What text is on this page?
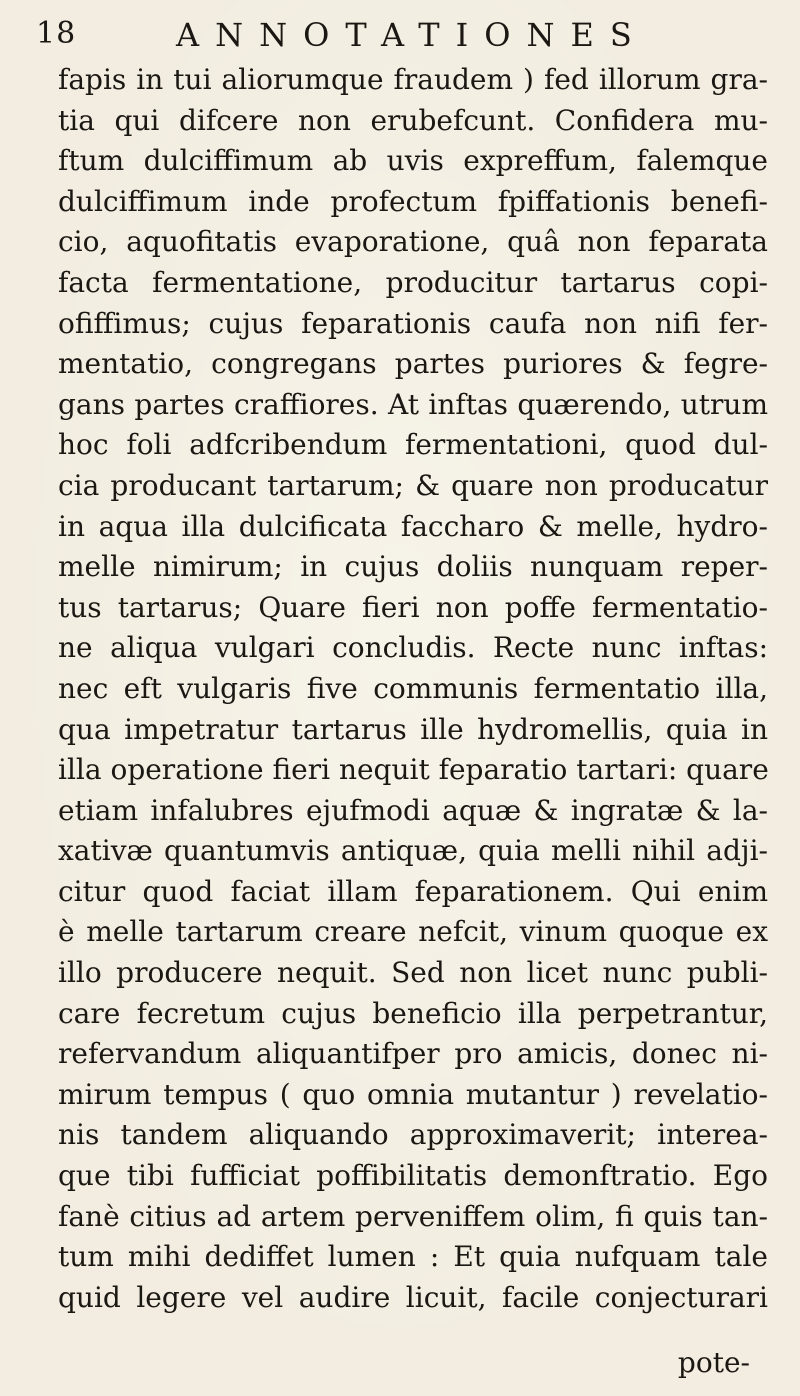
18	ANNOTATIONES
fapis in tui aliorumque fraudem ) fed illorum gra-
tia qui difcere non erubefcunt. Confidera mu-
ftum dulciffimum ab uvis expreffum, falemque
dulciffimum inde profectum fpiffationis benefi-
cio, aquofitatis evaporatione, quâ non feparata
facta fermentatione, producitur tartarus copi-
ofiffimus; cujus feparationis caufa non nifi fer-
mentatio, congregans partes puriores & fegre-
gans partes craffiores. At inftas quærendo, utrum
hoc foli adfcribendum fermentationi, quod dul-
cia producant tartarum; & quare non producatur
in aqua illa dulcificata faccharo & melle, hydro-
melle nimirum; in cujus doliis nunquam reper-
tus tartarus; Quare fieri non poffe fermentatio-
ne aliqua vulgari concludis. Recte nunc inftas:
nec eft vulgaris five communis fermentatio illa,
qua impetratur tartarus ille hydromellis, quia in
illa operatione fieri nequit feparatio tartari: quare
etiam infalubres ejufmodi aquæ & ingratæ & la-
xativæ quantumvis antiquæ, quia melli nihil adji-
citur quod faciat illam feparationem. Qui enim
è melle tartarum creare nefcit, vinum quoque ex
illo producere nequit. Sed non licet nunc publi-
care fecretum cujus beneficio illa perpetrantur,
refervandum aliquantifper pro amicis, donec ni-
mirum tempus ( quo omnia mutantur ) revelatio-
nis tandem aliquando approximaverit; interea-
que tibi fufficiat poffibilitatis demonftratio. Ego
fanè citius ad artem perveniffem olim, fi quis tan-
tum mihi dediffet lumen : Et quia nufquam tale
quid legere vel audire licuit, facile conjecturari
pote-
